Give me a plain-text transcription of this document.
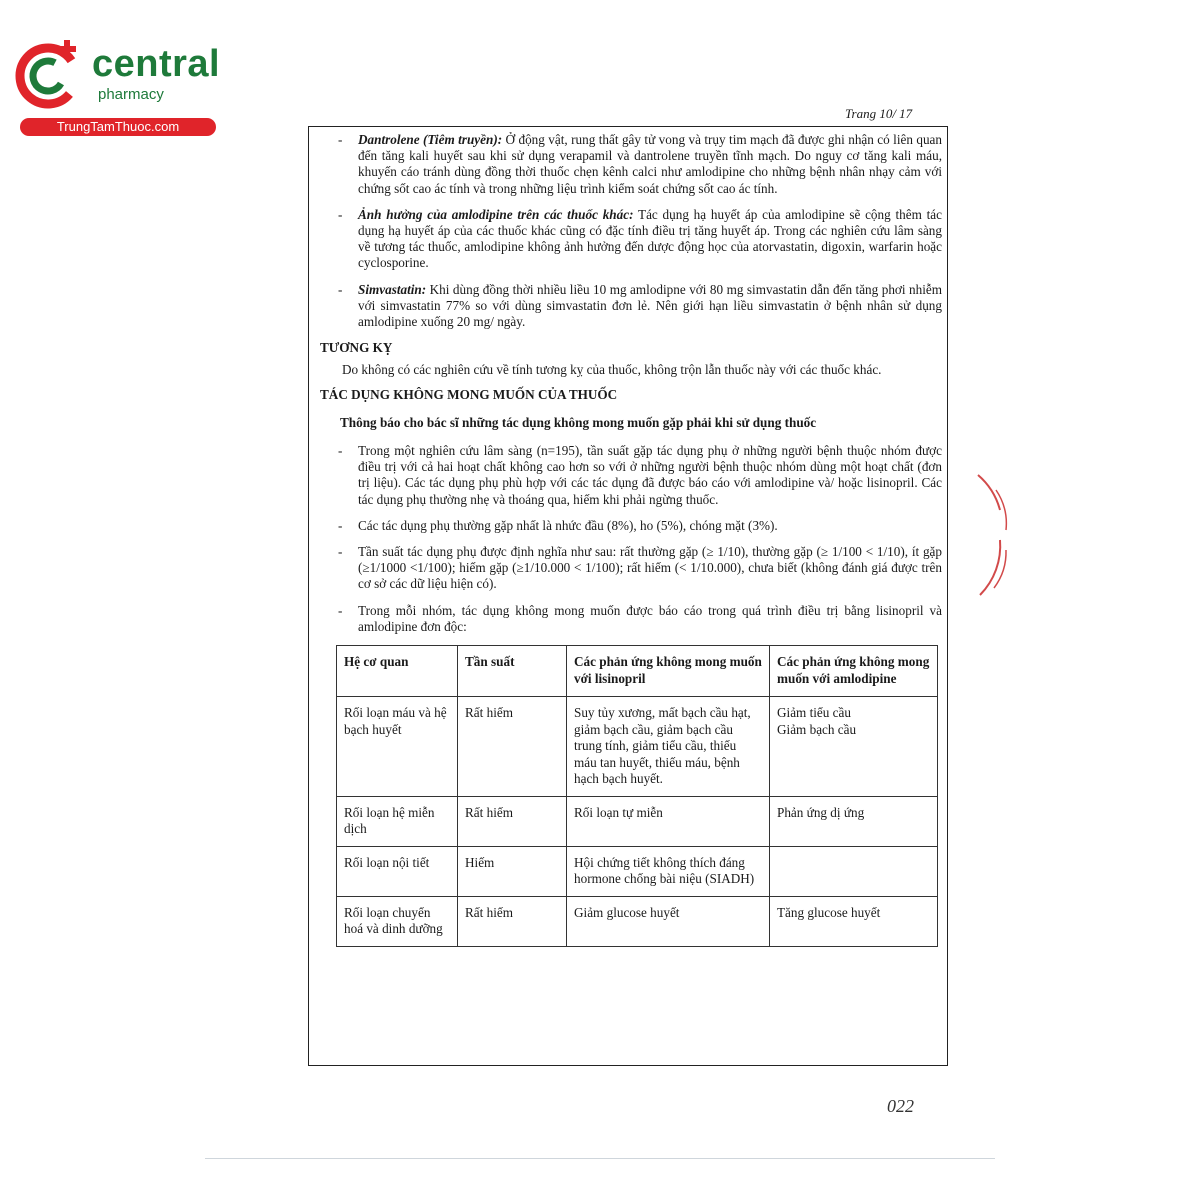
central
pharmacy
TrungTamThuoc.com
Trang 10/ 17
- Dantrolene (Tiêm truyền): Ở động vật, rung thất gây tử vong và trụy tim mạch đã được ghi nhận có liên quan đến tăng kali huyết sau khi sử dụng verapamil và dantrolene truyền tĩnh mạch. Do nguy cơ tăng kali máu, khuyến cáo tránh dùng đồng thời thuốc chẹn kênh calci như amlodipine cho những bệnh nhân nhạy cảm với chứng sốt cao ác tính và trong những liệu trình kiểm soát chứng sốt cao ác tính.
- Ảnh hưởng của amlodipine trên các thuốc khác: Tác dụng hạ huyết áp của amlodipine sẽ cộng thêm tác dụng hạ huyết áp của các thuốc khác cũng có đặc tính điều trị tăng huyết áp. Trong các nghiên cứu lâm sàng về tương tác thuốc, amlodipine không ảnh hưởng đến dược động học của atorvastatin, digoxin, warfarin hoặc cyclosporine.
- Simvastatin: Khi dùng đồng thời nhiều liều 10 mg amlodipne với 80 mg simvastatin dẫn đến tăng phơi nhiễm với simvastatin 77% so với dùng simvastatin đơn lẻ. Nên giới hạn liều simvastatin ở bệnh nhân sử dụng amlodipine xuống 20 mg/ ngày.
TƯƠNG KỴ
Do không có các nghiên cứu về tính tương kỵ của thuốc, không trộn lẫn thuốc này với các thuốc khác.
TÁC DỤNG KHÔNG MONG MUỐN CỦA THUỐC
Thông báo cho bác sĩ những tác dụng không mong muốn gặp phải khi sử dụng thuốc
- Trong một nghiên cứu lâm sàng (n=195), tần suất gặp tác dụng phụ ở những người bệnh thuộc nhóm được điều trị với cả hai hoạt chất không cao hơn so với ở những người bệnh thuộc nhóm dùng một hoạt chất (đơn trị liệu). Các tác dụng phụ phù hợp với các tác dụng đã được báo cáo với amlodipine và/ hoặc lisinopril. Các tác dụng phụ thường nhẹ và thoáng qua, hiếm khi phải ngừng thuốc.
- Các tác dụng phụ thường gặp nhất là nhức đầu (8%), ho (5%), chóng mặt (3%).
- Tần suất tác dụng phụ được định nghĩa như sau: rất thường gặp (≥ 1/10), thường gặp (≥ 1/100 < 1/10), ít gặp (≥1/1000 <1/100); hiếm gặp (≥1/10.000 < 1/100); rất hiếm (< 1/10.000), chưa biết (không đánh giá được trên cơ sở các dữ liệu hiện có).
- Trong mỗi nhóm, tác dụng không mong muốn được báo cáo trong quá trình điều trị bằng lisinopril và amlodipine đơn độc:
Hệ cơ quan	Tần suất	Các phản ứng không mong muốn với lisinopril	Các phản ứng không mong muốn với amlodipine
Rối loạn máu và hệ bạch huyết	Rất hiếm	Suy tủy xương, mất bạch cầu hạt, giảm bạch cầu, giảm bạch cầu trung tính, giảm tiểu cầu, thiếu máu tan huyết, thiếu máu, bệnh hạch bạch huyết.	Giảm tiểu cầu
Giảm bạch cầu
Rối loạn hệ miễn dịch	Rất hiếm	Rối loạn tự miễn	Phản ứng dị ứng
Rối loạn nội tiết	Hiếm	Hội chứng tiết không thích đáng hormone chống bài niệu (SIADH)	
Rối loạn chuyển hoá và dinh dưỡng	Rất hiếm	Giảm glucose huyết	Tăng glucose huyết
022
